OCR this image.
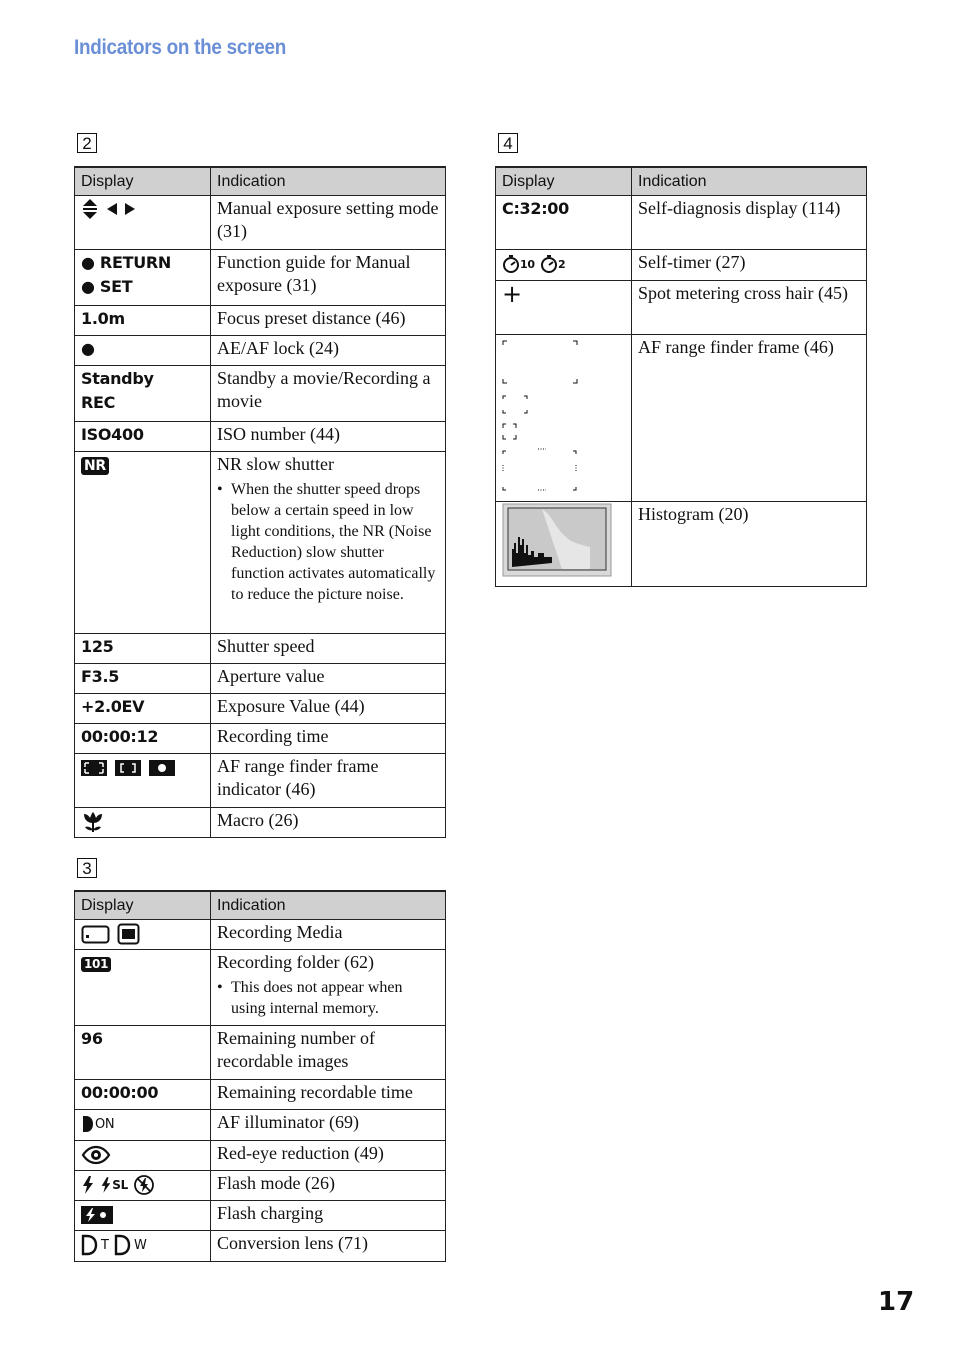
Indicators on the screen
2
Display	Indication
	Manual exposure setting mode (31)

● RETURN
● SET	Function guide for Manual exposure (31)
1.0m	Focus preset distance (46)
●	AE/AF lock (24)

Standby
REC	Standby a movie/Recording a movie
ISO400	ISO number (44)
NR	NR slow shutter
• When the shutter speed drops below a certain speed in low light conditions, the NR (Noise Reduction) slow shutter function activates automatically to reduce the picture noise.

125	Shutter speed
F3.5	Aperture value
+2.0EV	Exposure Value (44)
00:00:12	Recording time
	AF range finder frame indicator (46)
	Macro (26)
3
Display	Indication
	Recording Media
101	Recording folder (62)
• This does not appear when using internal memory.

96	Remaining number of recordable images
00:00:00	Remaining recordable time
ON	AF illuminator (69)
	Red-eye reduction (49)
SL	Flash mode (26)
	Flash charging
T W	Conversion lens (71)
4
Display	Indication
C:32:00	Self-diagnosis display (114)
10 2	Self-timer (27)
+	Spot metering cross hair (45)
	AF range finder frame (46)
	Histogram (20)
17
